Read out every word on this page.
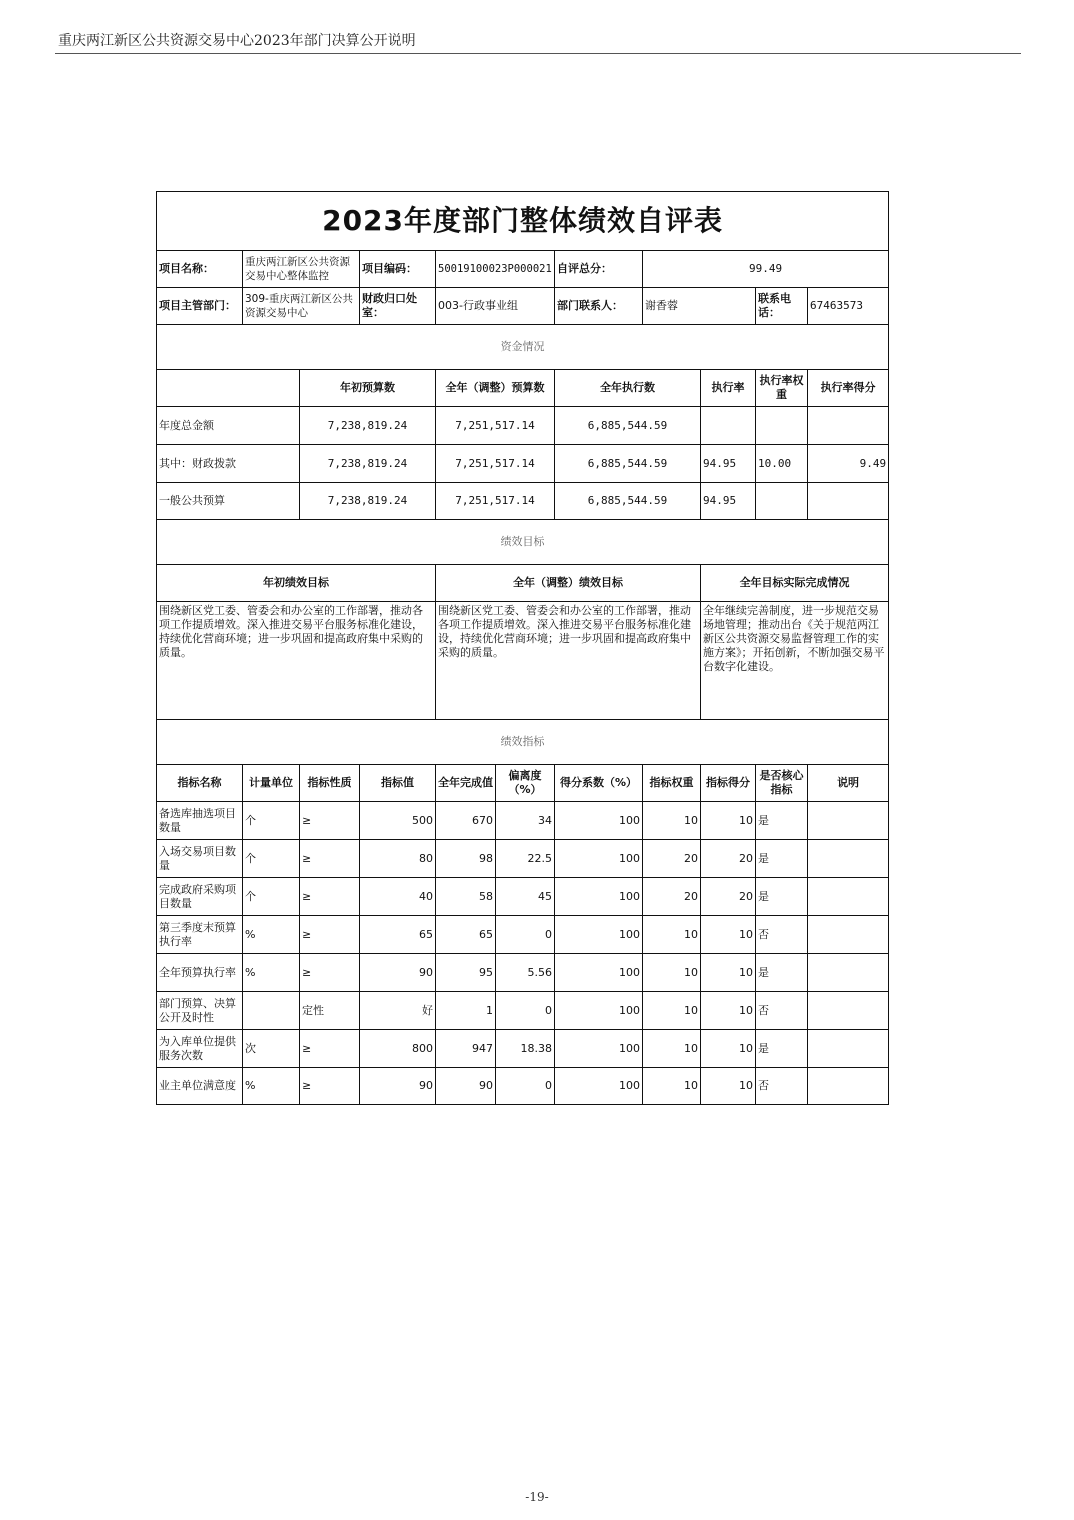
重庆两江新区公共资源交易中心2023年部门决算公开说明
2023年度部门整体绩效自评表										
项目名称：	重庆两江新区公共资源交易中心整体监控		项目编码：	50019100023P000021		自评总分：	99.49			
项目主管部门：	309-重庆两江新区公共资源交易中心		财政归口处室：	003-行政事业组		部门联系人：	谢香蓉		联系电话：	67463573
资金情况										
		年初预算数		全年（调整）预算数		全年执行数		执行率	执行率权重	执行率得分
年度总金额		7,238,819.24		7,251,517.14		6,885,544.59				
其中：财政拨款		7,238,819.24		7,251,517.14		6,885,544.59		94.95	10.00	9.49
一般公共预算		7,238,819.24		7,251,517.14		6,885,544.59		94.95		
绩效目标										
年初绩效目标				全年（调整）绩效目标				全年目标实际完成情况		
围绕新区党工委、管委会和办公室的工作部署，推动各项工作提质增效。深入推进交易平台服务标准化建设，持续优化营商环境；进一步巩固和提高政府集中采购的质量。				围绕新区党工委、管委会和办公室的工作部署，推动各项工作提质增效。深入推进交易平台服务标准化建设，持续优化营商环境；进一步巩固和提高政府集中采购的质量。				全年继续完善制度，进一步规范交易场地管理；推动出台《关于规范两江新区公共资源交易监督管理工作的实施方案》；开拓创新，不断加强交易平台数字化建设。		
绩效指标										
指标名称	计量单位	指标性质	指标值	全年完成值	偏离度（%）	得分系数（%）	指标权重	指标得分	是否核心指标	说明
备选库抽选项目数量	个	≥	500	670	34	100	10	10	是	
入场交易项目数量	个	≥	80	98	22.5	100	20	20	是	
完成政府采购项目数量	个	≥	40	58	45	100	20	20	是	
第三季度末预算执行率	%	≥	65	65	0	100	10	10	否	
全年预算执行率	%	≥	90	95	5.56	100	10	10	是	
部门预算、决算公开及时性		定性	好	1	0	100	10	10	否	
为入库单位提供服务次数	次	≥	800	947	18.38	100	10	10	是	
业主单位满意度	%	≥	90	90	0	100	10	10	否	
-19-
